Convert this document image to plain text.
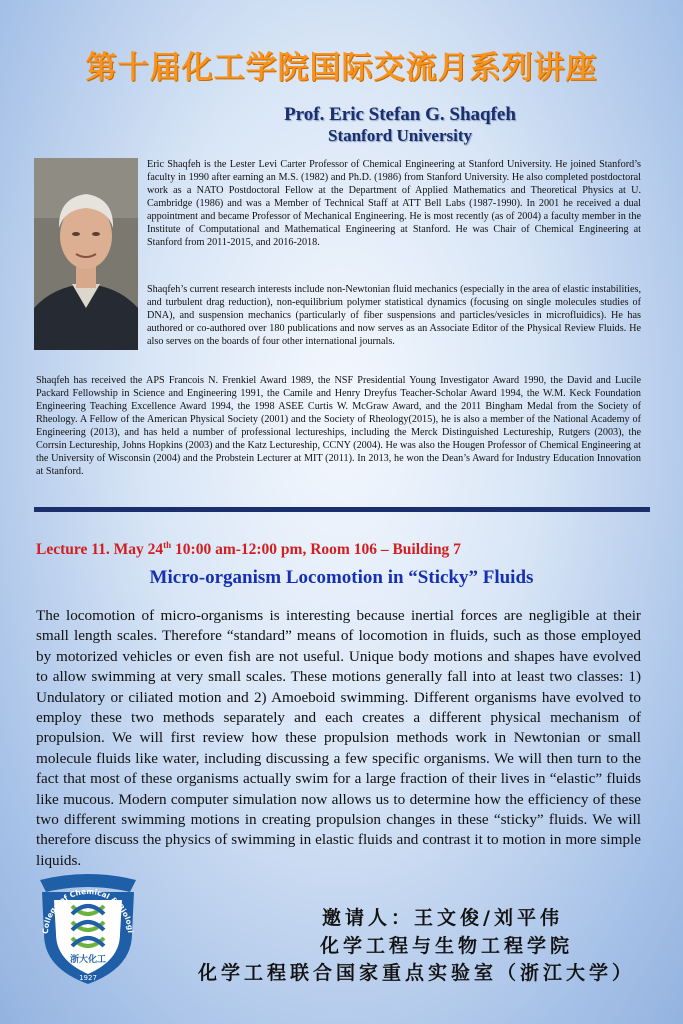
第十届化工学院国际交流月系列讲座
Prof. Eric Stefan G. Shaqfeh
Stanford University

Eric Shaqfeh is the Lester Levi Carter Professor of Chemical Engineering at Stanford University. He joined Stanford’s faculty in 1990 after earning an M.S. (1982) and Ph.D. (1986) from Stanford University. He also completed postdoctoral work as a NATO Postdoctoral Fellow at the Department of Applied Mathematics and Theoretical Physics at U. Cambridge (1986) and was a Member of Technical Staff at ATT Bell Labs (1987-1990). In 2001 he received a dual appointment and became Professor of Mechanical Engineering. He is most recently (as of 2004) a faculty member in the Institute of Computational and Mathematical Engineering at Stanford. He was Chair of Chemical Engineering at Stanford from 2011-2015, and 2016-2018.

Shaqfeh’s current research interests include non-Newtonian fluid mechanics (especially in the area of elastic instabilities, and turbulent drag reduction), non-equilibrium polymer statistical dynamics (focusing on single molecules studies of DNA), and suspension mechanics (particularly of fiber suspensions and particles/vesicles in microfluidics). He has authored or co-authored over 180 publications and now serves as an Associate Editor of the Physical Review Fluids. He also serves on the boards of four other international journals.

Shaqfeh has received the APS Francois N. Frenkiel Award 1989, the NSF Presidential Young Investigator Award 1990, the David and Lucile Packard Fellowship in Science and Engineering 1991, the Camile and Henry Dreyfus Teacher-Scholar Award 1994, the W.M. Keck Foundation Engineering Teaching Excellence Award 1994, the 1998 ASEE Curtis W. McGraw Award, and the 2011 Bingham Medal from the Society of Rheology. A Fellow of the American Physical Society (2001) and the Society of Rheology(2015), he is also a member of the National Academy of Engineering (2013), and has held a number of professional lectureships, including the Merck Distinguished Lectureship, Rutgers (2003), the Corrsin Lectureship, Johns Hopkins (2003) and the Katz Lectureship, CCNY (2004). He was also the Hougen Professor of Chemical Engineering at the University of Wisconsin (2004) and the Probstein Lecturer at MIT (2011). In 2013, he won the Dean’s Award for Industry Education Innovation at Stanford.

Lecture 11. May 24th 10:00 am-12:00 pm, Room 106 – Building 7
Micro-organism Locomotion in “Sticky” Fluids

The locomotion of micro-organisms is interesting because inertial forces are negligible at their small length scales. Therefore “standard” means of locomotion in fluids, such as those employed by motorized vehicles or even fish are not useful. Unique body motions and shapes have evolved to allow swimming at very small scales. These motions generally fall into at least two classes: 1) Undulatory or ciliated motion and 2) Amoeboid swimming. Different organisms have evolved to employ these two methods separately and each creates a different physical mechanism of propulsion. We will first review how these propulsion methods work in Newtonian or small molecule fluids like water, including discussing a few specific organisms. We will then turn to the fact that most of these organisms actually swim for a large fraction of their lives in “elastic” fluids like mucous. Modern computer simulation now allows us to determine how the efficiency of these two different swimming motions in creating propulsion changes in these “sticky” fluids. We will therefore discuss the physics of swimming in elastic fluids and contrast it to motion in more simple liquids.

College of Chemical & Biologi
浙大化工
1927
邀请人：王文俊/刘平伟
化学工程与生物工程学院
化学工程联合国家重点实验室（浙江大学）
